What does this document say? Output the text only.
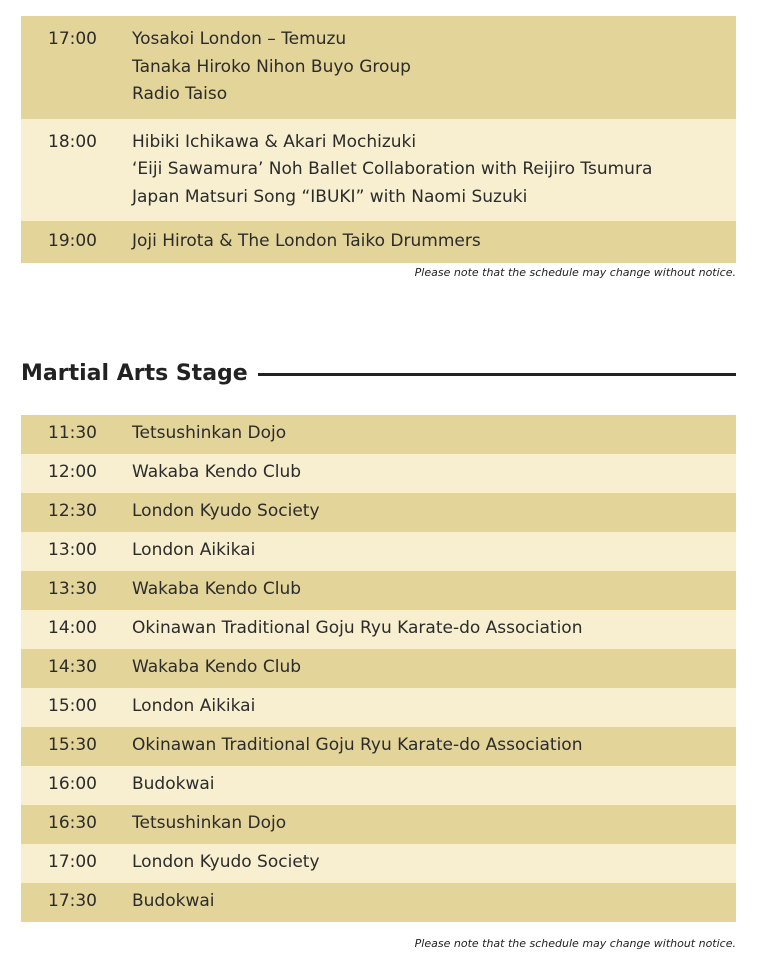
17:00	Yosakoi London – Temuzu
Tanaka Hiroko Nihon Buyo Group
Radio Taiso
18:00	Hibiki Ichikawa & Akari Mochizuki
‘Eiji Sawamura’ Noh Ballet Collaboration with Reijiro Tsumura
Japan Matsuri Song “IBUKI” with Naomi Suzuki
19:00	Joji Hirota & The London Taiko Drummers
Please note that the schedule may change without notice.
Martial Arts Stage
11:30	Tetsushinkan Dojo
12:00	Wakaba Kendo Club
12:30	London Kyudo Society
13:00	London Aikikai
13:30	Wakaba Kendo Club
14:00	Okinawan Traditional Goju Ryu Karate-do Association
14:30	Wakaba Kendo Club
15:00	London Aikikai
15:30	Okinawan Traditional Goju Ryu Karate-do Association
16:00	Budokwai
16:30	Tetsushinkan Dojo
17:00	London Kyudo Society
17:30	Budokwai
Please note that the schedule may change without notice.
